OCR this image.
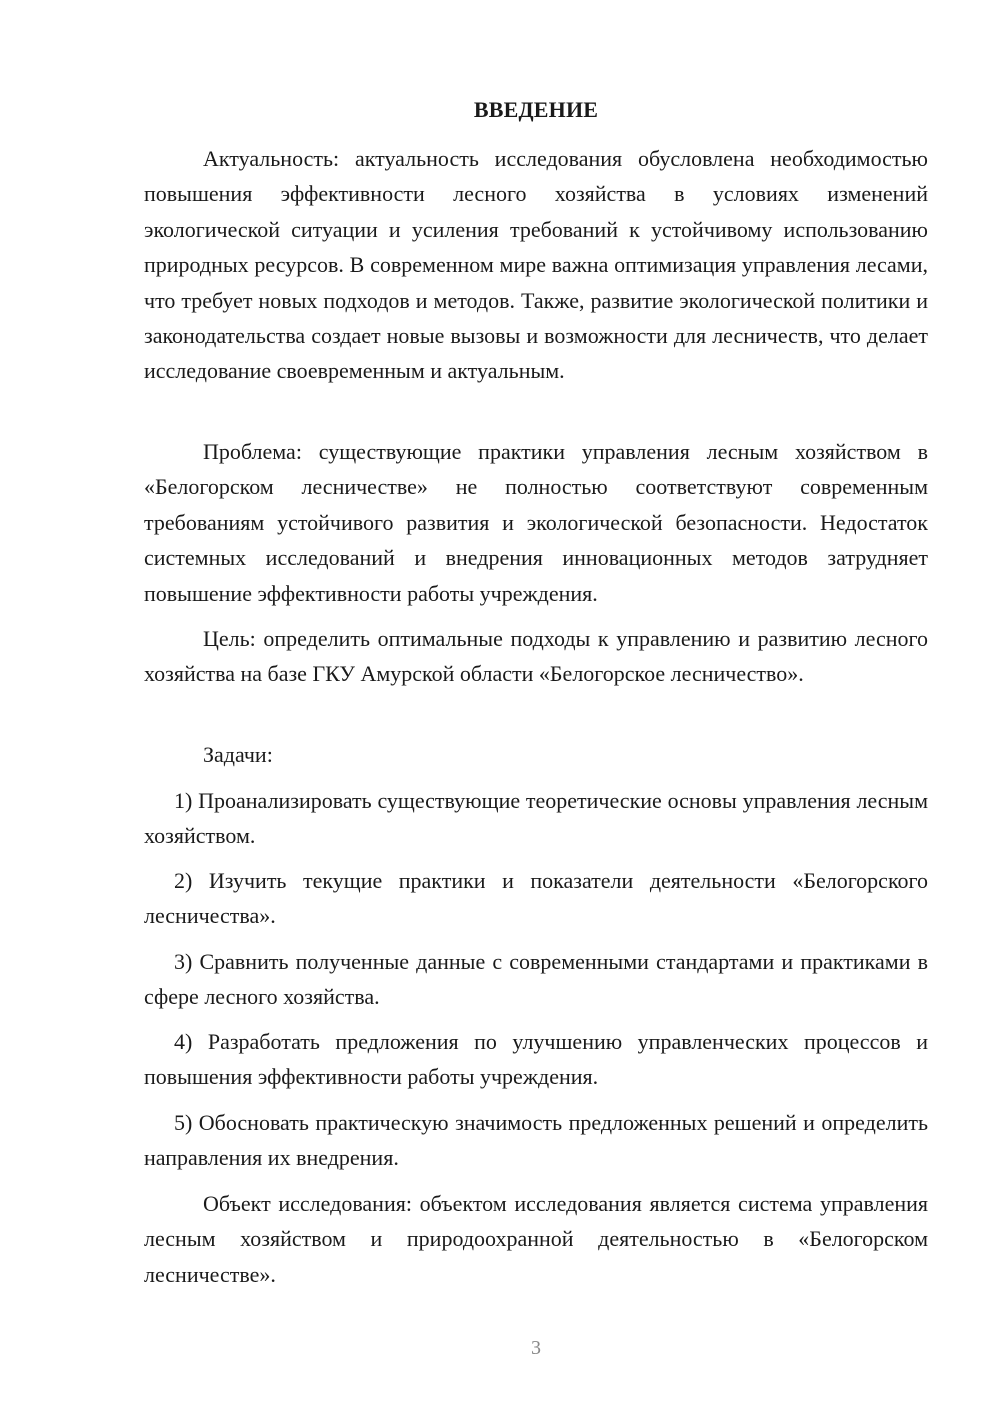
ВВЕДЕНИЕ

Актуальность: актуальность исследования обусловлена необходимостью повышения эффективности лесного хозяйства в условиях изменений экологической ситуации и усиления требований к устойчивому использованию природных ресурсов. В современном мире важна оптимизация управления лесами, что требует новых подходов и методов. Также, развитие экологической политики и законодательства создает новые вызовы и возможности для лесничеств, что делает исследование своевременным и актуальным.

Проблема: существующие практики управления лесным хозяйством в «Белогорском лесничестве» не полностью соответствуют современным требованиям устойчивого развития и экологической безопасности. Недостаток системных исследований и внедрения инновационных методов затрудняет повышение эффективности работы учреждения.

Цель: определить оптимальные подходы к управлению и развитию лесного хозяйства на базе ГКУ Амурской области «Белогорское лесничество».

Задачи:

1) Проанализировать существующие теоретические основы управления лесным хозяйством.

2) Изучить текущие практики и показатели деятельности «Белогорского лесничества».

3) Сравнить полученные данные с современными стандартами и практиками в сфере лесного хозяйства.

4) Разработать предложения по улучшению управленческих процессов и повышения эффективности работы учреждения.

5) Обосновать практическую значимость предложенных решений и определить направления их внедрения.

Объект исследования: объектом исследования является система управления лесным хозяйством и природоохранной деятельностью в «Белогорском лесничестве».

3
